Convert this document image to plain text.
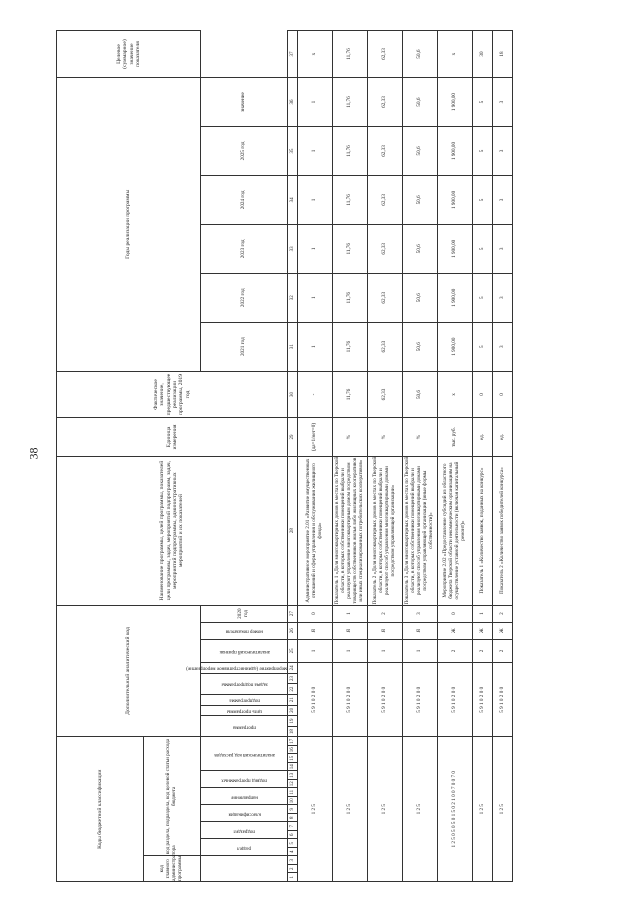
38
Коды бюджетной классификации																	Дополнительный аналитический код										Наименование программы, целей программы, показателей цели программы, задач, мероприятий подпрограмм, задач, мероприятий подпрограммы, административных мероприятий и их показателей	Единица измерения	Фактическое значение, предшествующее реализации программы, 2019 год	Годы реализации программы						Целевое (суммарное) значение показателя
код главного администратора программы			код раздела, подраздела, код целевой статьи расхода бюджета																																	
			раздел		подраздел		классификация		направление		подвид программных		аналитический код расходов				программа		цель программы	подпрограмма	задача подпрограммы		мероприятие (административное мероприятие)	аналитический признак	номер показателя	2020 год				2021 год	2022 год	2023 год	2024 год	2025 год	значение	
1	2	3	4	5	6	7	8	9	10	11	12	13	14	15	16	17	18	19	20	21	22	23	24	25	26	27	28	29	30	31	32	33	34	35	36	37
1 2 5																	5 9 1 0 2 0 0							1	Я	0	Административное мероприятие 2.01 «Развитие имущественных отношений и сферы управления и обслуживания жилищного фонда»	(да=1/нет=0)	-	1	1	1	1	1	1	x
1 2 5																	5 9 1 0 2 0 0							1	Я	1	Показатель 1 «Доля многоквартирных домов в местах по Тверской области, в которых собственники помещений выбрали и реализуют управление многоквартирным домом посредством товариществ собственников жилья либо жилищных кооперативов или иных специализированных потребительских кооперативов»	%	11,76	11,76	11,76	11,76	11,76	11,76	11,76	11,76
1 2 5																	5 9 1 0 2 0 0							1	Я	2	Показатель 2 «Доля многоквартирных домов в местах по Тверской области, в которых собственники помещений выбрали и реализуют способ управления многоквартирными домами посредством управляющей организации»	%	62,33	62,33	62,33	62,33	62,33	62,33	62,33	62,33
1 2 5																	5 9 1 0 2 0 0							1	Я	3	Показатель 3 «Доля многоквартирных домов в местах по Тверской области, в которых собственники помещений выбрали и реализуют способ управления многоквартирными домами посредством управляющей организации (иные формы собственности)»	%	50,6	50,6	50,6	50,6	50,6	50,6	50,6	50,6
1 2 5 0 5 0 5 0 1 5 0 2 1 0 0 7 0 0 7 0																	5 9 1 0 2 0 0							2	Ж	0	Мероприятие 2.02 «Предоставление субсидий из областного бюджета Тверской области некоммерческим организациям на осуществление уставной деятельности (включая капитальный ремонт)»	тыс. руб.	x	1 900,00	1 900,00	1 900,00	1 900,00	1 900,00	1 900,00	x
1 2 5																	5 9 1 0 2 0 0							2	Ж	1	Показатель 1 «Количество заявок, поданных на конкурс»	ед.	0	5	5	5	5	5	5	30
1 2 5																	5 9 1 0 2 0 0							2	Ж	2	Показатель 2 «Количество заявок победителей конкурса»	ед.	0	3	3	3	3	3	3	18
